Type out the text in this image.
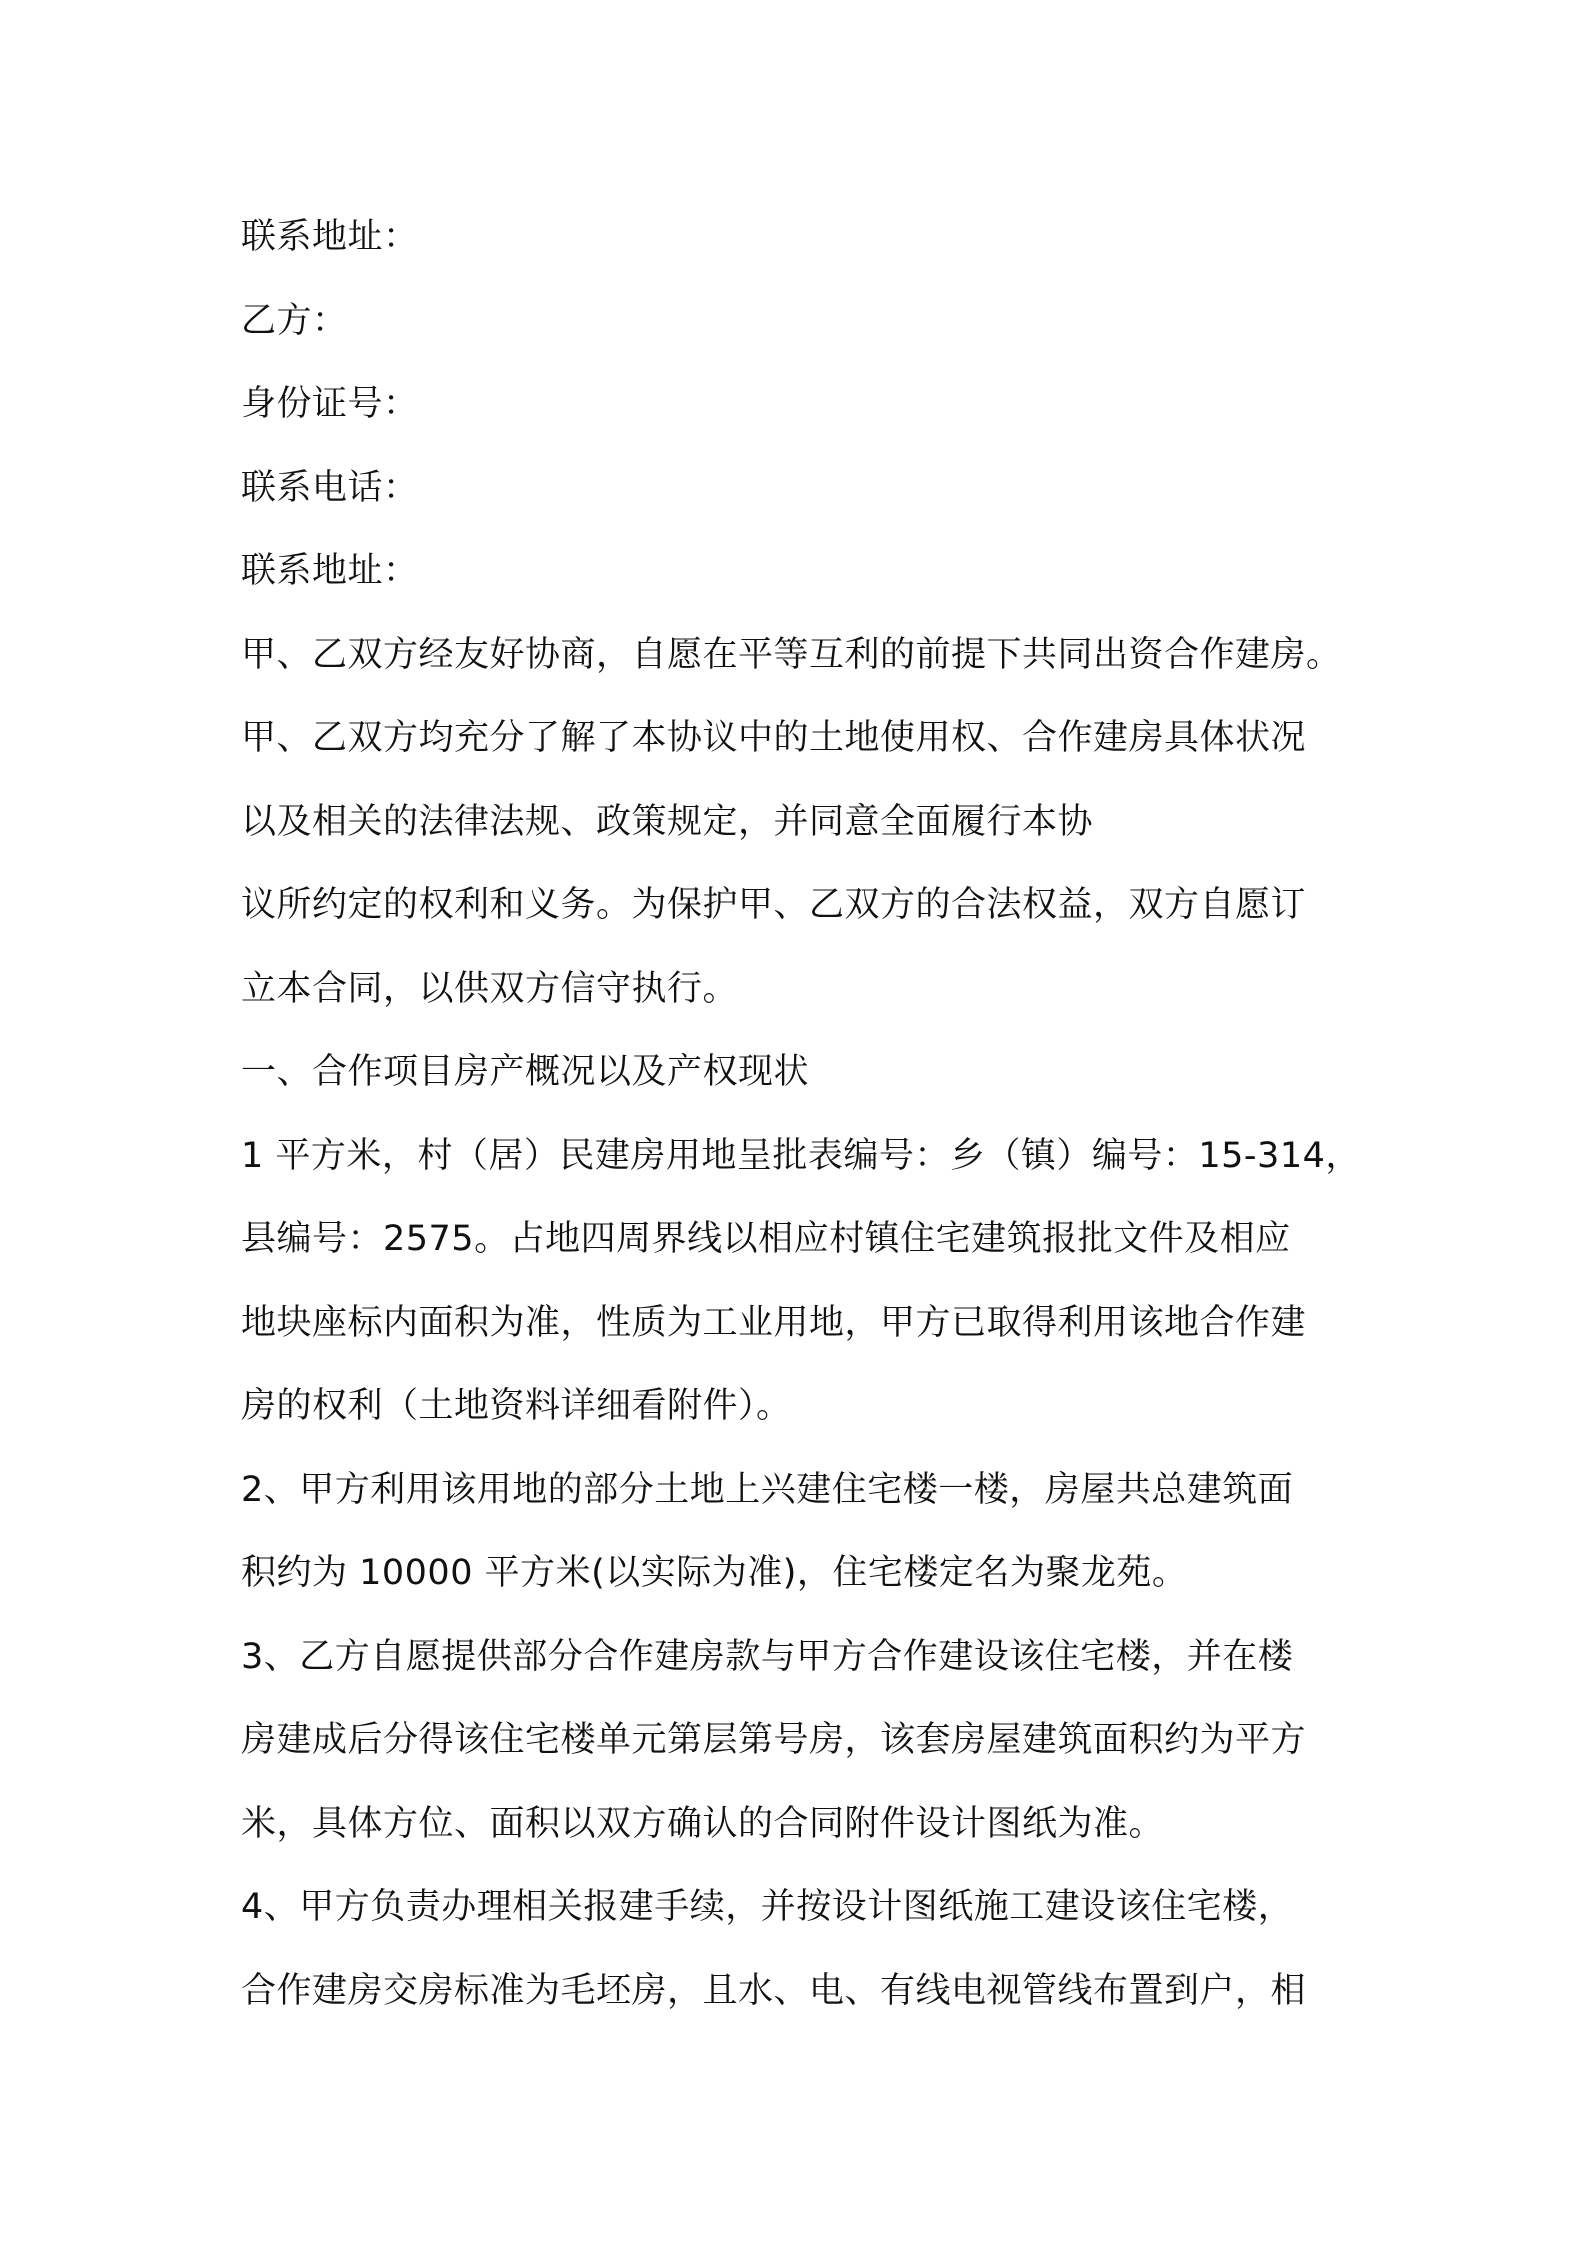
联系地址：
乙方：
身份证号：
联系电话：
联系地址：
甲、乙双方经友好协商，自愿在平等互利的前提下共同出资合作建房。
甲、乙双方均充分了解了本协议中的土地使用权、合作建房具体状况
以及相关的法律法规、政策规定，并同意全面履行本协
议所约定的权利和义务。为保护甲、乙双方的合法权益，双方自愿订
立本合同，以供双方信守执行。
一、合作项目房产概况以及产权现状
1 平方米，村（居）民建房用地呈批表编号：乡（镇）编号：15-314，
县编号：2575。占地四周界线以相应村镇住宅建筑报批文件及相应
地块座标内面积为准，性质为工业用地，甲方已取得利用该地合作建
房的权利（土地资料详细看附件）。
2、甲方利用该用地的部分土地上兴建住宅楼一楼，房屋共总建筑面
积约为 10000 平方米(以实际为准)，住宅楼定名为聚龙苑。
3、乙方自愿提供部分合作建房款与甲方合作建设该住宅楼，并在楼
房建成后分得该住宅楼单元第层第号房，该套房屋建筑面积约为平方
米，具体方位、面积以双方确认的合同附件设计图纸为准。
4、甲方负责办理相关报建手续，并按设计图纸施工建设该住宅楼，
合作建房交房标准为毛坯房，且水、电、有线电视管线布置到户，相
